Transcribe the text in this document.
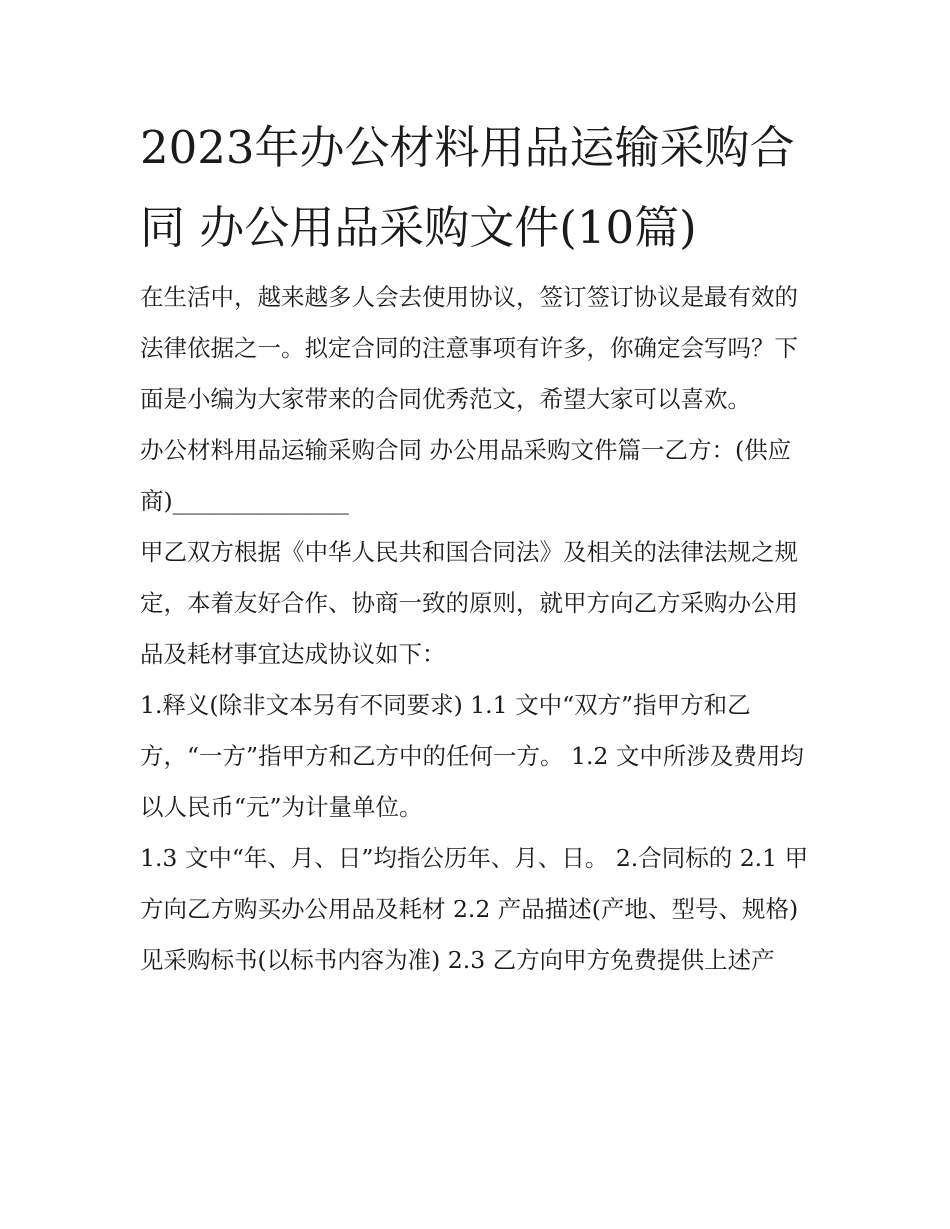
2023年办公材料用品运输采购合同 办公用品采购文件(10篇)

在生活中，越来越多人会去使用协议，签订签订协议是最有效的法律依据之一。拟定合同的注意事项有许多，你确定会写吗？下面是小编为大家带来的合同优秀范文，希望大家可以喜欢。

办公材料用品运输采购合同 办公用品采购文件篇一乙方：(供应商)_______________

甲乙双方根据《中华人民共和国合同法》及相关的法律法规之规定，本着友好合作、协商一致的原则，就甲方向乙方采购办公用品及耗材事宜达成协议如下：

1.释义(除非文本另有不同要求) 1.1 文中“双方”指甲方和乙方，“一方”指甲方和乙方中的任何一方。 1.2 文中所涉及费用均以人民币“元”为计量单位。

1.3 文中“年、月、日”均指公历年、月、日。 2.合同标的 2.1 甲方向乙方购买办公用品及耗材 2.2 产品描述(产地、型号、规格)

见采购标书(以标书内容为准) 2.3 乙方向甲方免费提供上述产
